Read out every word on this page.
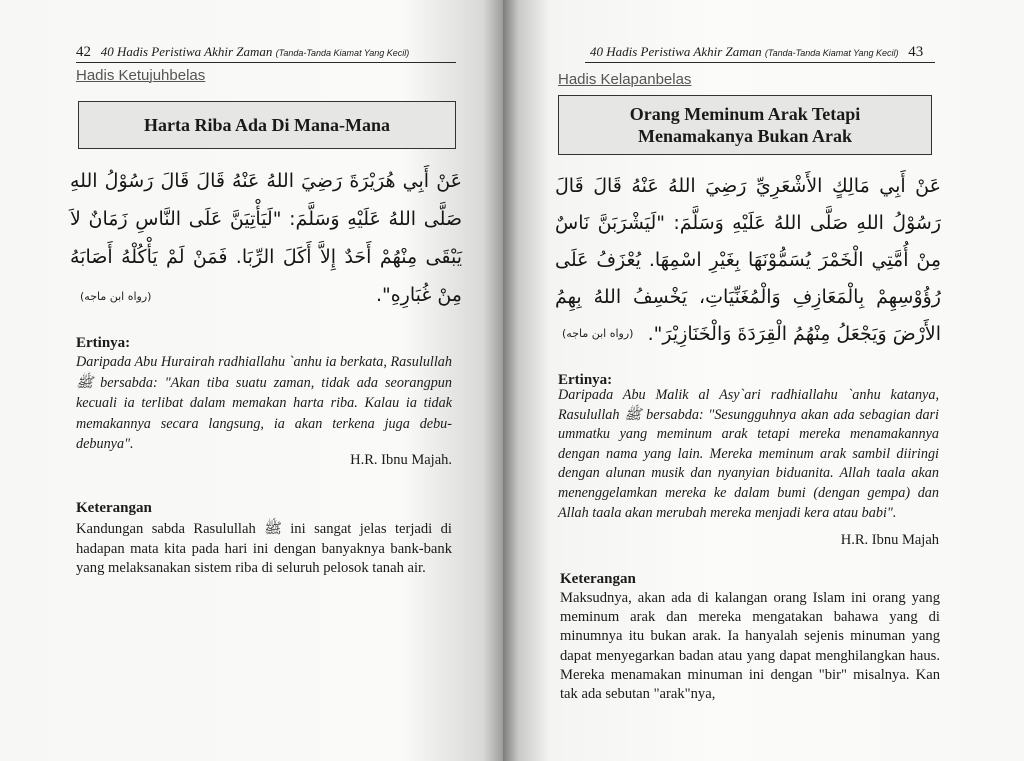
42 40 Hadis Peristiwa Akhir Zaman (Tanda-Tanda Kiamat Yang Kecil)
Hadis Ketujuhbelas
Harta Riba Ada Di Mana-Mana
عَنْ أَبِي هُرَيْرَةَ رَضِيَ اللهُ عَنْهُ قَالَ قَالَ رَسُوْلُ اللهِ صَلَّى اللهُ عَلَيْهِ وَسَلَّمَ: "لَيَأْتِيَنَّ عَلَى النَّاسِ زَمَانٌ لاَ يَبْقَى مِنْهُمْ أَحَدٌ إِلاَّ أَكَلَ الرِّبَا. فَمَنْ لَمْ يَأْكُلْهُ أَصَابَهُ مِنْ غُبَارِهِ".
(رواه ابن ماجه)
Ertinya:
Daripada Abu Hurairah radhiallahu `anhu ia berkata, Rasulullah ﷺ bersabda: "Akan tiba suatu zaman, tidak ada seorangpun kecuali ia terlibat dalam memakan harta riba. Kalau ia tidak memakannya secara langsung, ia akan terkena juga debu-debunya".
H.R. Ibnu Majah.
Keterangan
Kandungan sabda Rasulullah ﷺ ini sangat jelas terjadi di hadapan mata kita pada hari ini dengan banyaknya bank-bank yang melaksanakan sistem riba di seluruh pelosok tanah air.
40 Hadis Peristiwa Akhir Zaman (Tanda-Tanda Kiamat Yang Kecil) 43
Hadis Kelapanbelas
Orang Meminum Arak Tetapi
Menamakanya Bukan Arak
عَنْ أَبِي مَالِكٍ الأَشْعَرِيِّ رَضِيَ اللهُ عَنْهُ قَالَ قَالَ رَسُوْلُ اللهِ صَلَّى اللهُ عَلَيْهِ وَسَلَّمَ: "لَيَشْرَبَنَّ نَاسٌ مِنْ أُمَّتِي الْخَمْرَ يُسَمُّوْنَهَا بِغَيْرِ اسْمِهَا. يُعْزَفُ عَلَى رُؤُوْسِهِمْ بِالْمَعَازِفِ وَالْمُغَنِّيَاتِ، يَخْسِفُ اللهُ بِهِمُ الأَرْضَ وَيَجْعَلُ مِنْهُمُ الْقِرَدَةَ وَالْخَنَازِيْرَ".
(رواه ابن ماجه)
Ertinya:
Daripada Abu Malik al Asy`ari radhiallahu `anhu katanya, Rasulullah ﷺ bersabda: "Sesungguhnya akan ada sebagian dari ummatku yang meminum arak tetapi mereka menamakannya dengan nama yang lain. Mereka meminum arak sambil diiringi dengan alunan musik dan nyanyian biduanita. Allah taala akan menenggelamkan mereka ke dalam bumi (dengan gempa) dan Allah taala akan merubah mereka menjadi kera atau babi".
H.R. Ibnu Majah
Keterangan
Maksudnya, akan ada di kalangan orang Islam ini orang yang meminum arak dan mereka mengatakan bahawa yang di minumnya itu bukan arak. Ia hanyalah sejenis minuman yang dapat menyegarkan badan atau yang dapat menghilangkan haus. Mereka menamakan minuman ini dengan "bir" misalnya. Kan tak ada sebutan "arak"nya,
